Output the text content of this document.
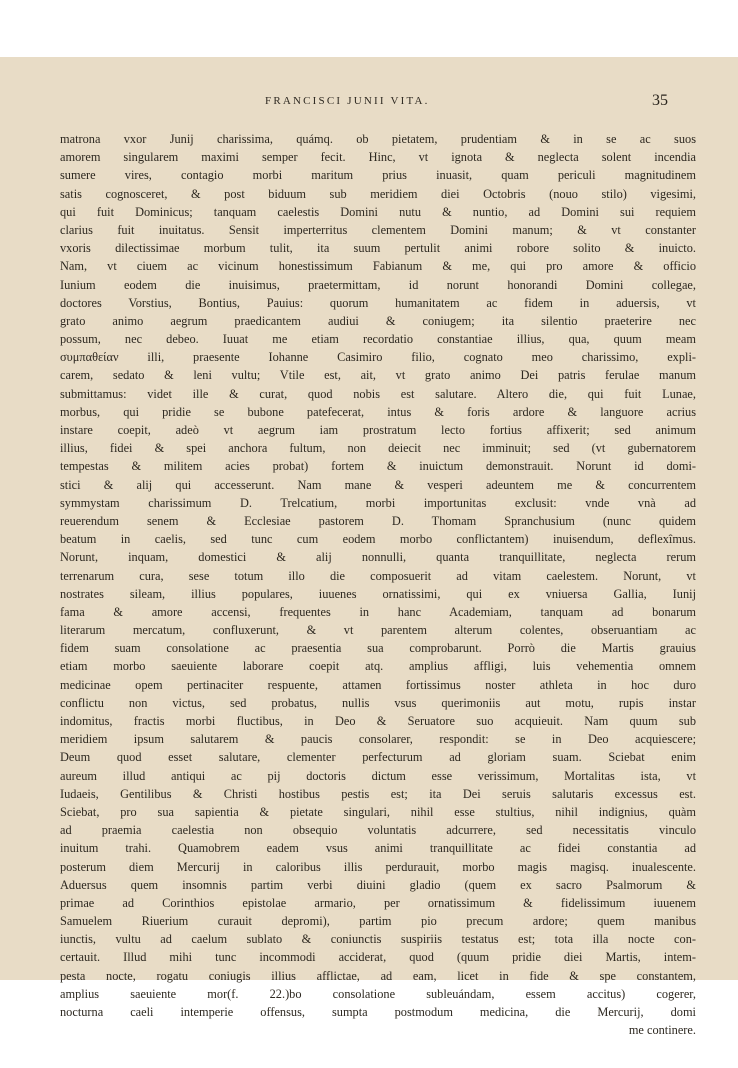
FRANCISCI JUNII VITA.	35
matrona vxor Junij charissima, quámq. ob pietatem, prudentiam & in se ac suos
amorem singularem maximi semper fecit. Hinc, vt ignota & neglecta solent incendia
sumere vires, contagio morbi maritum prius inuasit, quam periculi magnitudinem
satis cognosceret, & post biduum sub meridiem diei Octobris (nouo stilo) vigesimi,
qui fuit Dominicus; tanquam caelestis Domini nutu & nuntio, ad Domini sui requiem
clarius fuit inuitatus. Sensit imperterritus clementem Domini manum; & vt constanter
vxoris dilectissimae morbum tulit, ita suum pertulit animi robore solito & inuicto.
Nam, vt ciuem ac vicinum honestissimum Fabianum & me, qui pro amore & officio
Iunium eodem die inuisimus, praetermittam, id norunt honorandi Domini collegae,
doctores Vorstius, Bontius, Pauius: quorum humanitatem ac fidem in aduersis, vt
grato animo aegrum praedicantem audiui & coniugem; ita silentio praeterire nec
possum, nec debeo. Iuuat me etiam recordatio constantiae illius, qua, quum meam
συμπαθείαν illi, praesente Iohanne Casimiro filio, cognato meo charissimo, expli-
carem, sedato & leni vultu; Vtile est, ait, vt grato animo Dei patris ferulae manum
submittamus: videt ille & curat, quod nobis est salutare. Altero die, qui fuit Lunae,
morbus, qui pridie se bubone patefecerat, intus & foris ardore & languore acrius
instare coepit, adeò vt aegrum iam prostratum lecto fortius affixerit; sed animum
illius, fidei & spei anchora fultum, non deiecit nec imminuit; sed (vt gubernatorem
tempestas & militem acies probat) fortem & inuictum demonstrauit. Norunt id domi-
stici & alij qui accesserunt. Nam mane & vesperi adeuntem me & concurrentem
symmystam charissimum D. Trelcatium, morbi importunitas exclusit: vnde vnà ad
reuerendum senem & Ecclesiae pastorem D. Thomam Spranchusium (nunc quidem
beatum in caelis, sed tunc cum eodem morbo conflictantem) inuisendum, deflexîmus.
Norunt, inquam, domestici & alij nonnulli, quanta tranquillitate, neglecta rerum
terrenarum cura, sese totum illo die composuerit ad vitam caelestem. Norunt, vt
nostrates sileam, illius populares, iuuenes ornatissimi, qui ex vniuersa Gallia, Iunij
fama & amore accensi, frequentes in hanc Academiam, tanquam ad bonarum
literarum mercatum, confluxerunt, & vt parentem alterum colentes, obseruantiam ac
fidem suam consolatione ac praesentia sua comprobarunt. Porrò die Martis grauius
etiam morbo saeuiente laborare coepit atq. amplius affligi, luis vehementia omnem
medicinae opem pertinaciter respuente, attamen fortissimus noster athleta in hoc duro
conflictu non victus, sed probatus, nullis vsus querimoniis aut motu, rupis instar
indomitus, fractis morbi fluctibus, in Deo & Seruatore suo acquieuit. Nam quum sub
meridiem ipsum salutarem & paucis consolarer, respondit: se in Deo acquiescere;
Deum quod esset salutare, clementer perfecturum ad gloriam suam. Sciebat enim
aureum illud antiqui ac pij doctoris dictum esse verissimum, Mortalitas ista, vt
Iudaeis, Gentilibus & Christi hostibus pestis est; ita Dei seruis salutaris excessus est.
Sciebat, pro sua sapientia & pietate singulari, nihil esse stultius, nihil indignius, quàm
ad praemia caelestia non obsequio voluntatis adcurrere, sed necessitatis vinculo
inuitum trahi. Quamobrem eadem vsus animi tranquillitate ac fidei constantia ad
posterum diem Mercurij in caloribus illis perdurauit, morbo magis magisq. inualescente.
Aduersus quem insomnis partim verbi diuini gladio (quem ex sacro Psalmorum &
primae ad Corinthios epistolae armario, per ornatissimum & fidelissimum iuuenem
Samuelem Riuerium curauit depromi), partim pio precum ardore; quem manibus
iunctis, vultu ad caelum sublato & coniunctis suspiriis testatus est; tota illa nocte con-
certauit. Illud mihi tunc incommodi acciderat, quod (quum pridie diei Martis, intem-
pesta nocte, rogatu coniugis illius afflictae, ad eam, licet in fide & spe constantem,
amplius saeuiente mor(f. 22.)bo consolatione subleuándam, essem accitus) cogerer,
nocturna caeli intemperie offensus, sumpta postmodum medicina, die Mercurij, domi
me continere.
